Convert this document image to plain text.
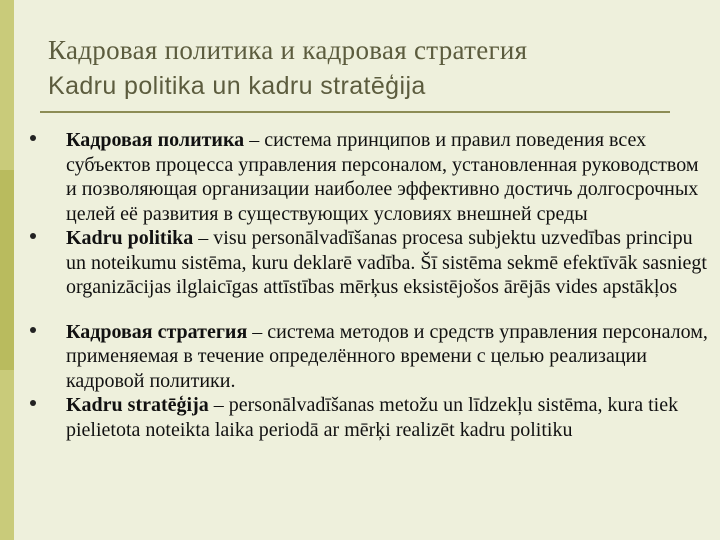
Кадровая политика и кадровая стратегия
Kadru politika un kadru stratēģija
Кадровая политика – система принципов и правил поведения всех субъектов процесса управления персоналом, установленная руководством и позволяющая организации наиболее эффективно достичь долгосрочных целей её развития в существующих условиях внешней среды
Kadru politika – visu personālvadīšanas procesa subjektu uzvedības principu un noteikumu sistēma, kuru deklarē vadība. Šī sistēma sekmē efektīvāk sasniegt organizācijas ilglaicīgas attīstības mērķus eksistējošos ārējās vides apstākļos
Кадровая стратегия – система методов и средств управления персоналом, применяемая в течение определённого времени с целью реализации кадровой политики.
Kadru stratēģija – personālvadīšanas metožu un līdzekļu sistēma, kura tiek pielietota noteikta laika periodā ar mērķi realizēt kadru politiku
